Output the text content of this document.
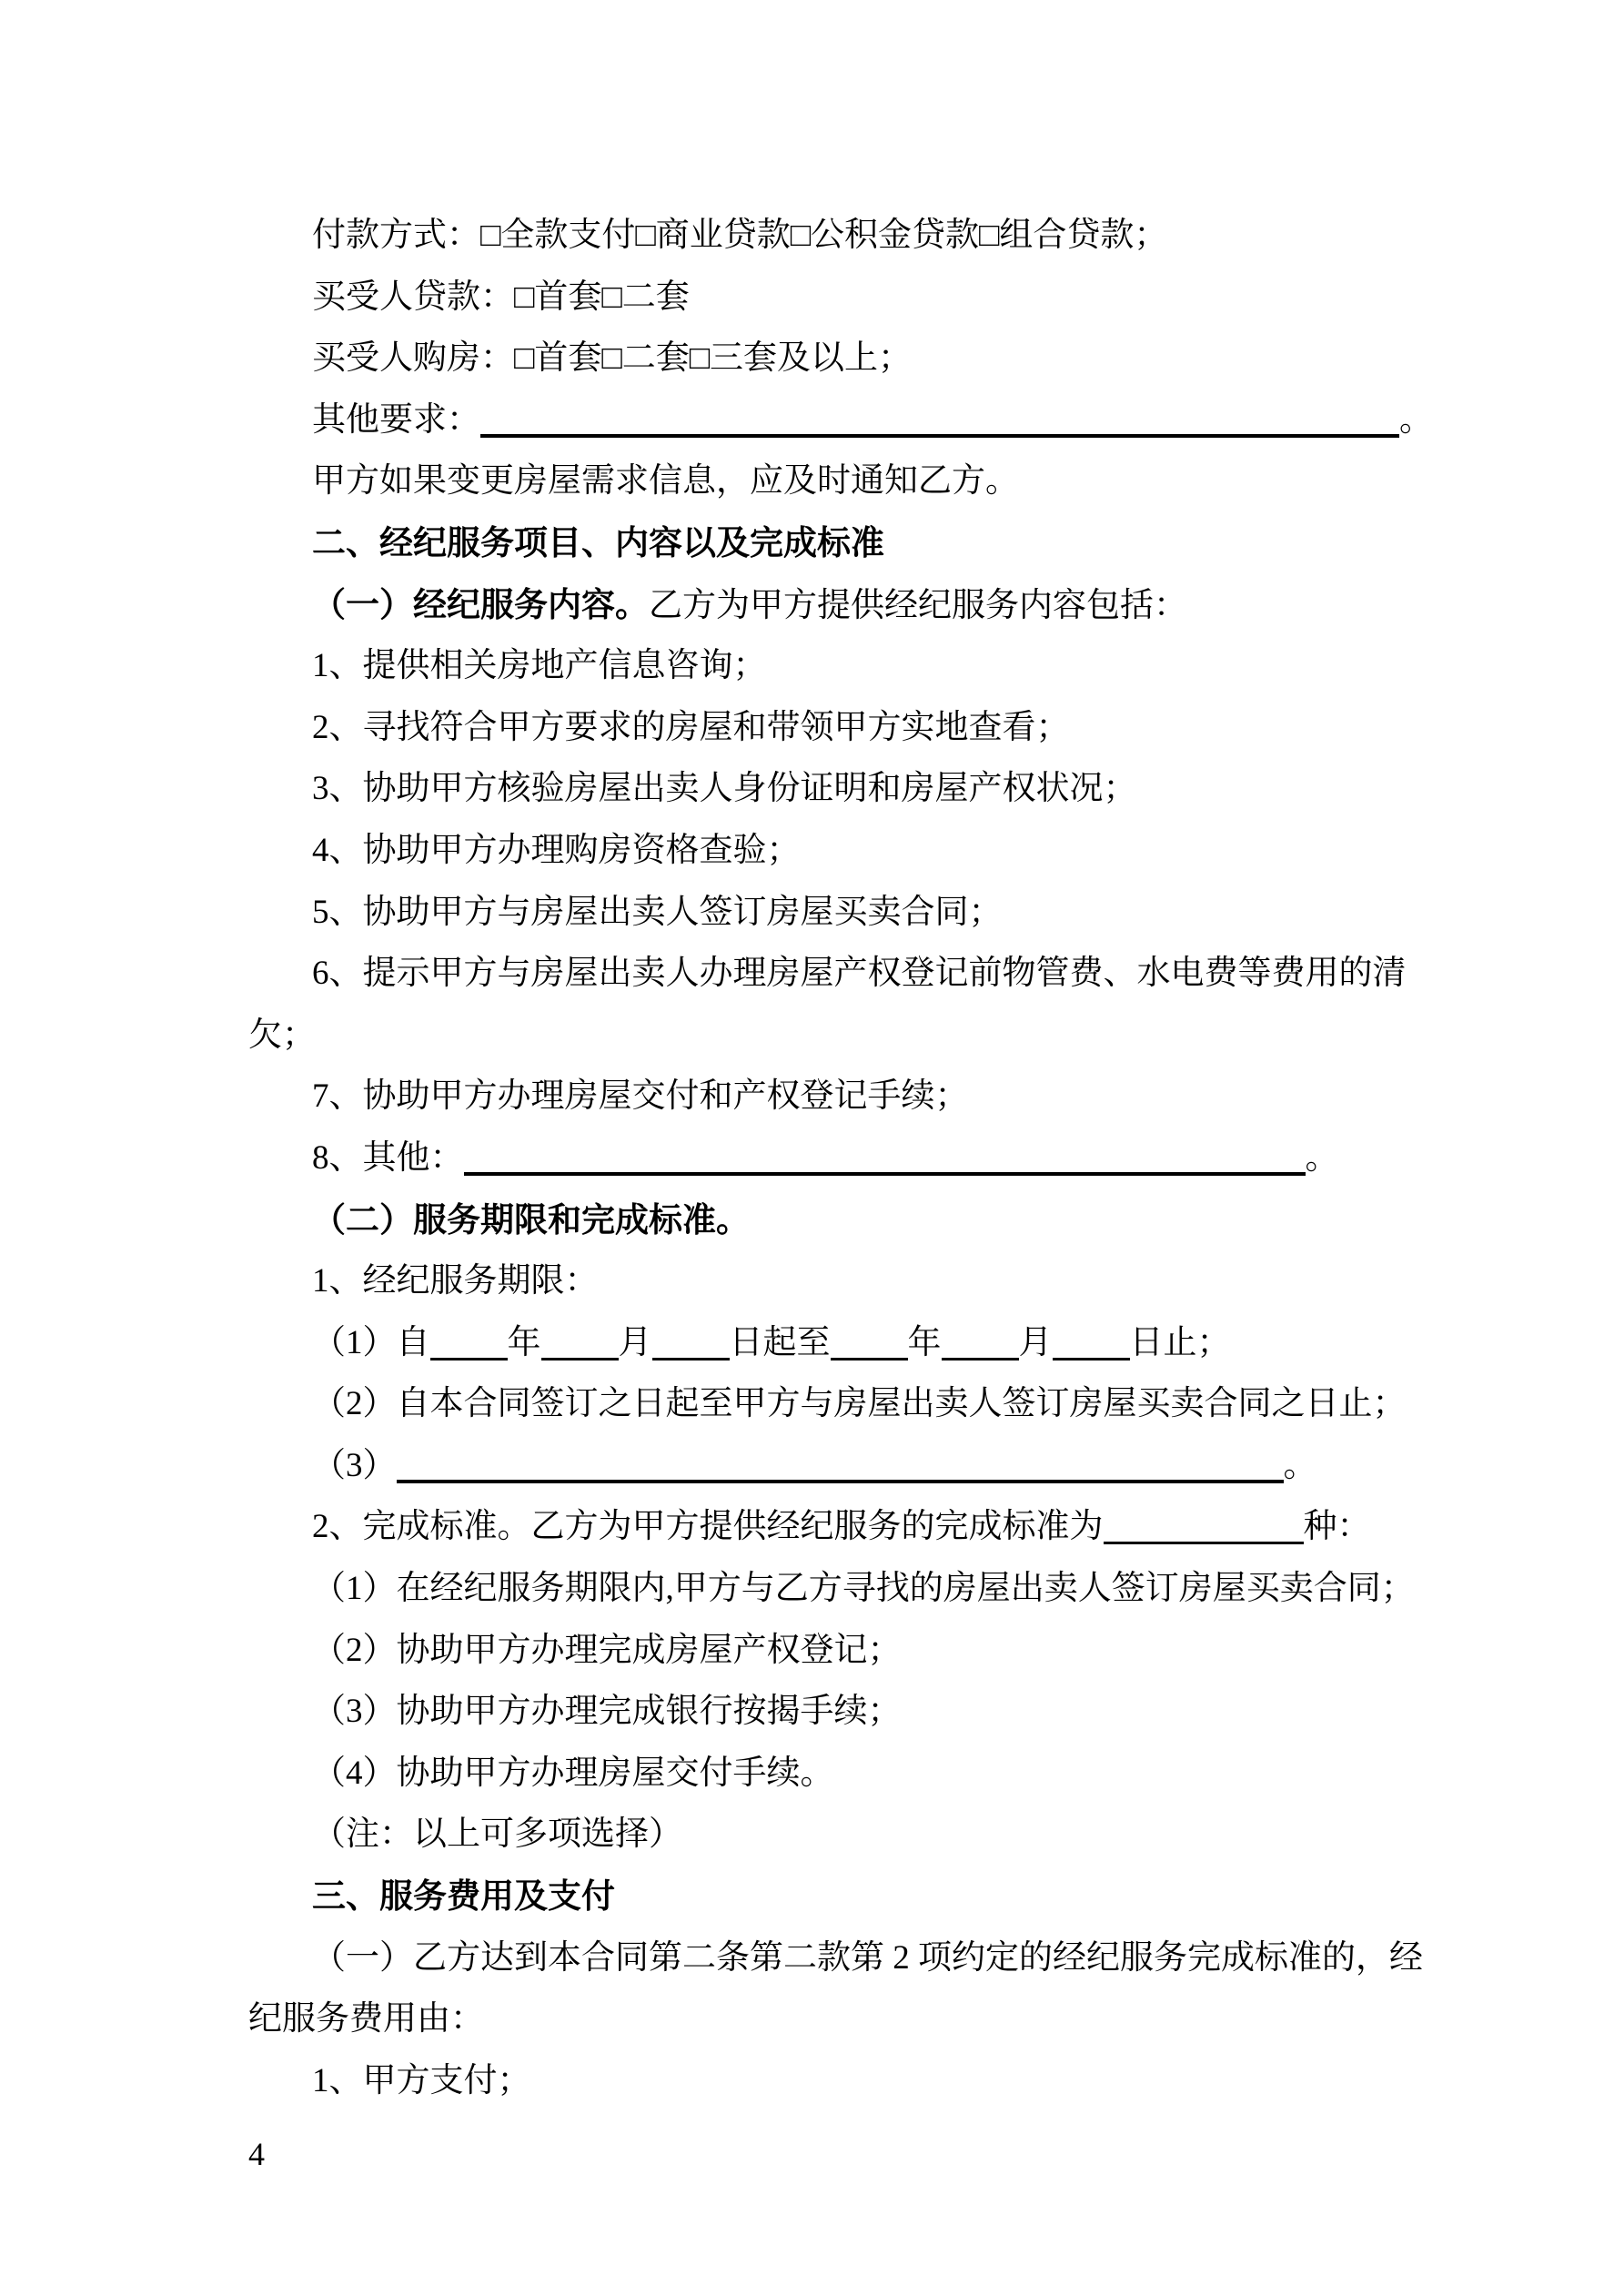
付款方式：□全款支付□商业贷款□公积金贷款□组合贷款；

买受人贷款：□首套□二套

买受人购房：□首套□二套□三套及以上；

其他要求：	。

甲方如果变更房屋需求信息，应及时通知乙方。

二、经纪服务项目、内容以及完成标准

（一）经纪服务内容。乙方为甲方提供经纪服务内容包括：

1、提供相关房地产信息咨询；

2、寻找符合甲方要求的房屋和带领甲方实地查看；

3、协助甲方核验房屋出卖人身份证明和房屋产权状况；

4、协助甲方办理购房资格查验；

5、协助甲方与房屋出卖人签订房屋买卖合同；

6、提示甲方与房屋出卖人办理房屋产权登记前物管费、水电费等费用的清

欠；

7、协助甲方办理房屋交付和产权登记手续；

8、其他：	。

（二）服务期限和完成标准。

1、经纪服务期限：

（1）自 年 月 日起至 年 月 日止；

（2）自本合同签订之日起至甲方与房屋出卖人签订房屋买卖合同之日止；

（3）	。

2、完成标准。乙方为甲方提供经纪服务的完成标准为	种：

（1）在经纪服务期限内,甲方与乙方寻找的房屋出卖人签订房屋买卖合同；

（2）协助甲方办理完成房屋产权登记；

（3）协助甲方办理完成银行按揭手续；

（4）协助甲方办理房屋交付手续。

（注：以上可多项选择）

三、服务费用及支付

（一）乙方达到本合同第二条第二款第 2 项约定的经纪服务完成标准的，经

纪服务费用由：

1、甲方支付；

4
